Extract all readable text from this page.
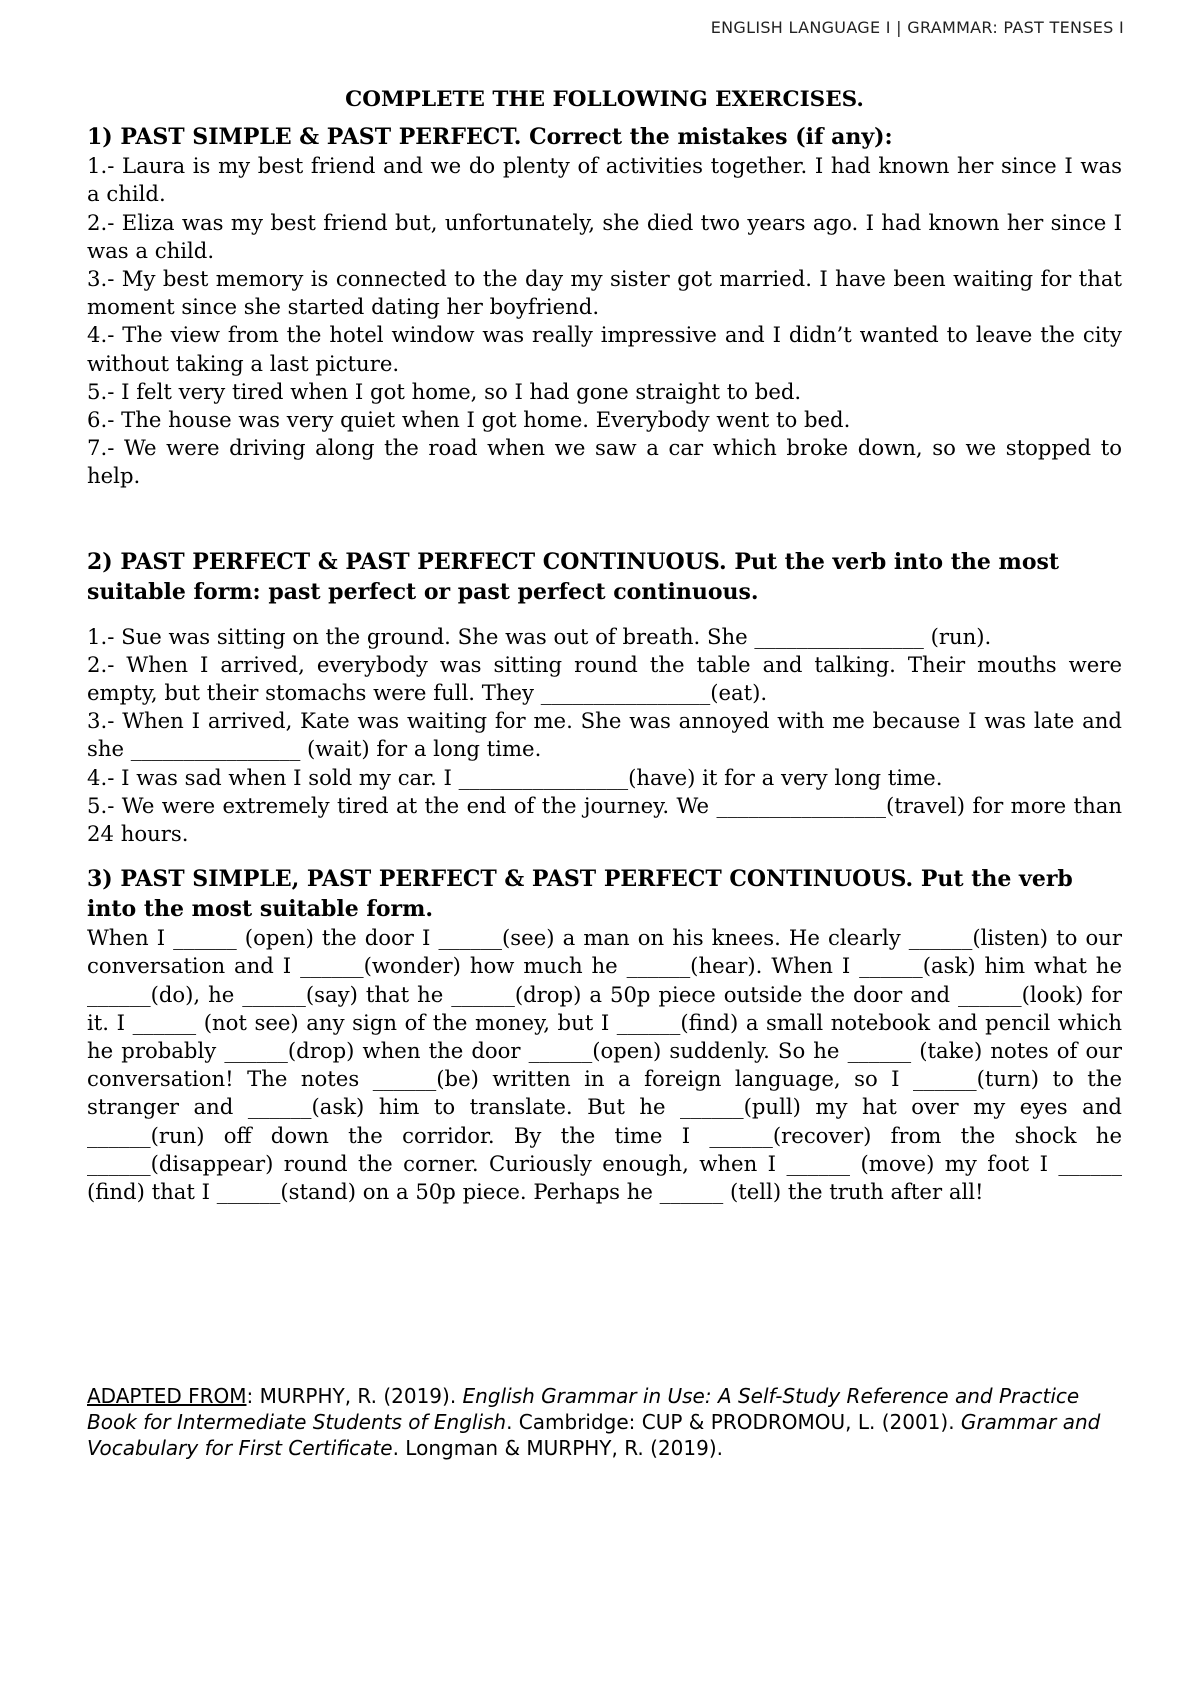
ENGLISH LANGUAGE I | GRAMMAR: PAST TENSES I

COMPLETE THE FOLLOWING EXERCISES.

1) PAST SIMPLE & PAST PERFECT. Correct the mistakes (if any):

1.- Laura is my best friend and we do plenty of activities together. I had known her since I was a child.

2.- Eliza was my best friend but, unfortunately, she died two years ago. I had known her since I was a child.

3.- My best memory is connected to the day my sister got married. I have been waiting for that moment since she started dating her boyfriend.

4.- The view from the hotel window was really impressive and I didn’t wanted to leave the city without taking a last picture.

5.- I felt very tired when I got home, so I had gone straight to bed.

6.- The house was very quiet when I got home. Everybody went to bed.

7.- We were driving along the road when we saw a car which broke down, so we stopped to help.

2) PAST PERFECT & PAST PERFECT CONTINUOUS. Put the verb into the most suitable form: past perfect or past perfect continuous.

1.- Sue was sitting on the ground. She was out of breath. She ________________ (run).

2.- When I arrived, everybody was sitting round the table and talking. Their mouths were empty, but their stomachs were full. They ________________(eat).

3.- When I arrived, Kate was waiting for me. She was annoyed with me because I was late and she ________________ (wait) for a long time.

4.- I was sad when I sold my car. I ________________(have) it for a very long time.

5.- We were extremely tired at the end of the journey. We ________________(travel) for more than 24 hours.

3) PAST SIMPLE, PAST PERFECT & PAST PERFECT CONTINUOUS. Put the verb into the most suitable form.

When I ______ (open) the door I ______(see) a man on his knees. He clearly ______(listen) to our conversation and I ______(wonder) how much he ______(hear). When I ______(ask) him what he ______(do), he ______(say) that he ______(drop) a 50p piece outside the door and ______(look) for it. I ______ (not see) any sign of the money, but I ______(find) a small notebook and pencil which he probably ______(drop) when the door ______(open) suddenly. So he ______ (take) notes of our conversation! The notes ______(be) written in a foreign language, so I ______(turn) to the stranger and ______(ask) him to translate. But he ______(pull) my hat over my eyes and ______(run) off down the corridor. By the time I ______(recover) from the shock he ______(disappear) round the corner. Curiously enough, when I ______ (move) my foot I ______ (find) that I ______(stand) on a 50p piece. Perhaps he ______ (tell) the truth after all!

ADAPTED FROM: MURPHY, R. (2019). English Grammar in Use: A Self-Study Reference and Practice Book for Intermediate Students of English. Cambridge: CUP & PRODROMOU, L. (2001). Grammar and Vocabulary for First Certificate. Longman & MURPHY, R. (2019).
